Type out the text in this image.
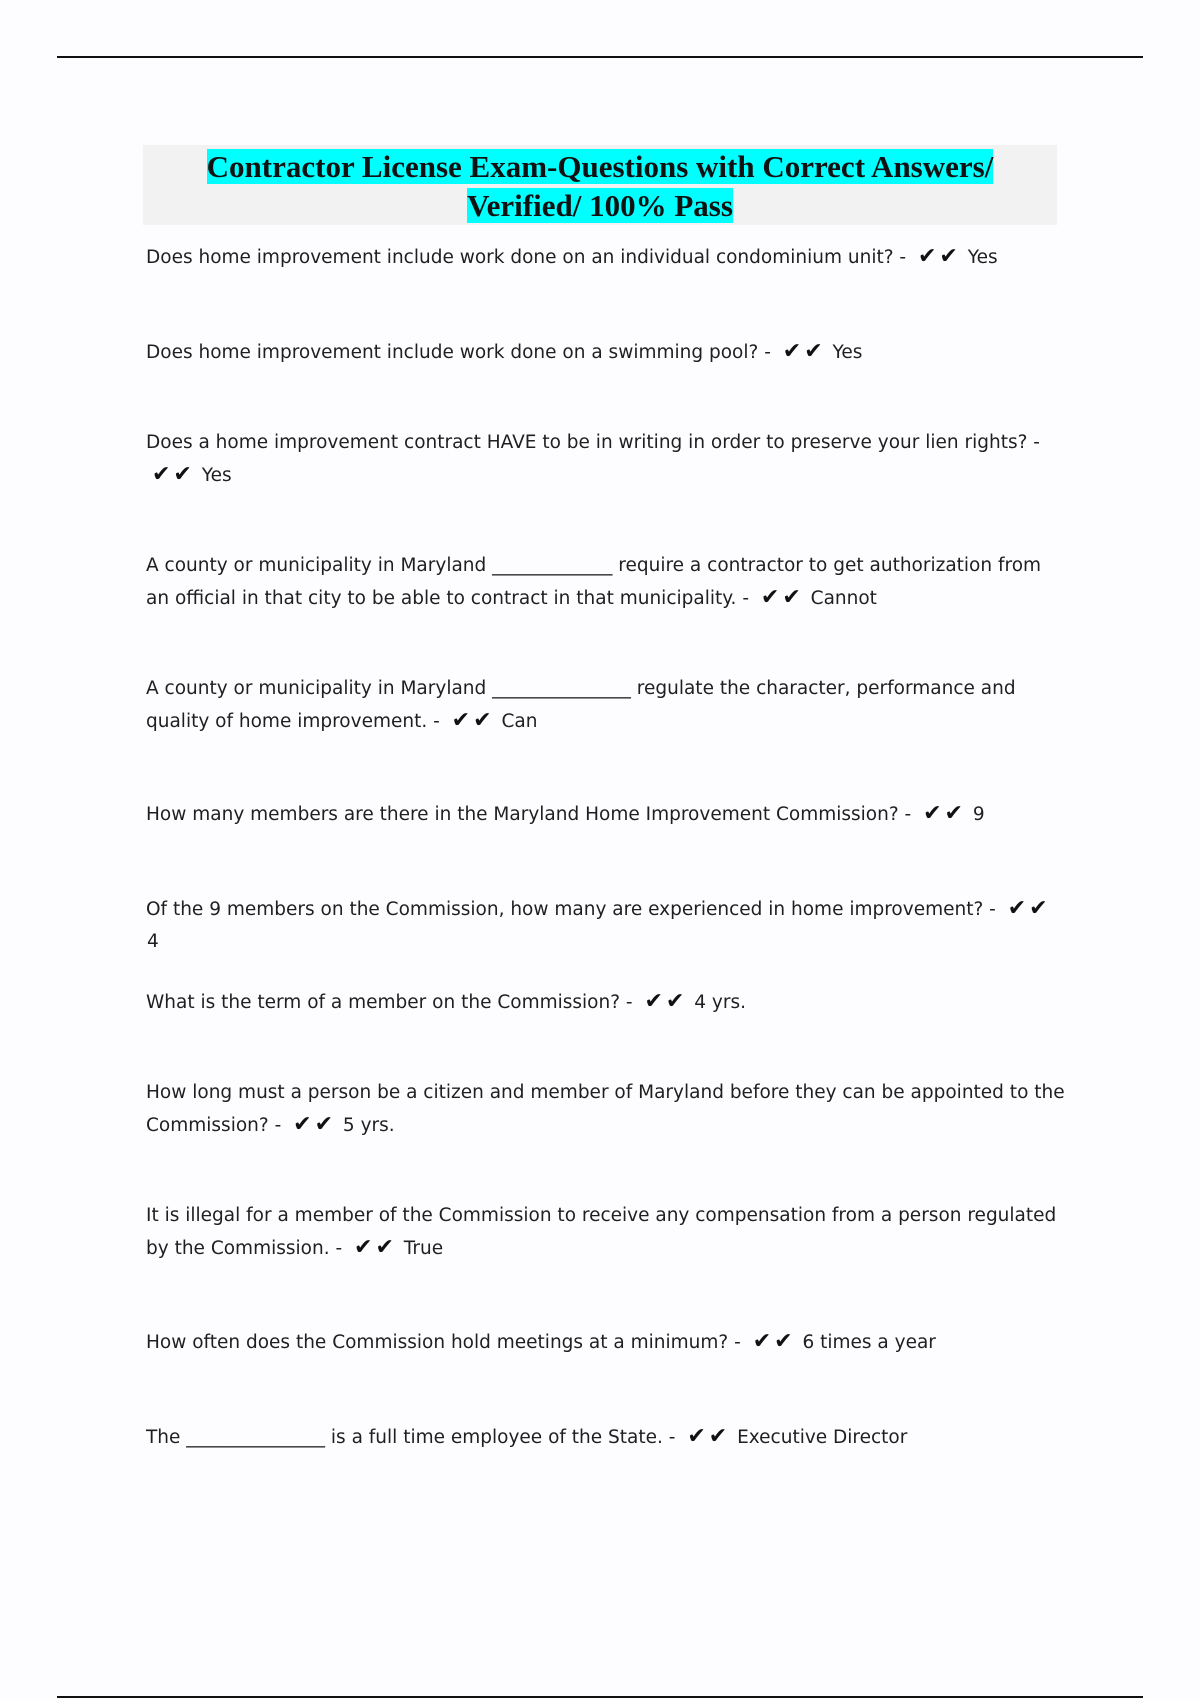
Contractor License Exam-Questions with Correct Answers/
Verified/ 100% Pass
Does home improvement include work done on an individual condominium unit? - ✔✔ Yes
Does home improvement include work done on a swimming pool? - ✔✔ Yes
Does a home improvement contract HAVE to be in writing in order to preserve your lien rights? - ✔✔ Yes
A county or municipality in Maryland _____________ require a contractor to get authorization from an official in that city to be able to contract in that municipality. - ✔✔ Cannot
A county or municipality in Maryland _______________ regulate the character, performance and quality of home improvement. - ✔✔ Can
How many members are there in the Maryland Home Improvement Commission? - ✔✔ 9
Of the 9 members on the Commission, how many are experienced in home improvement? - ✔✔ 4
What is the term of a member on the Commission? - ✔✔ 4 yrs.
How long must a person be a citizen and member of Maryland before they can be appointed to the Commission? - ✔✔ 5 yrs.
It is illegal for a member of the Commission to receive any compensation from a person regulated by the Commission. - ✔✔ True
How often does the Commission hold meetings at a minimum? - ✔✔ 6 times a year
The _______________ is a full time employee of the State. - ✔✔ Executive Director
